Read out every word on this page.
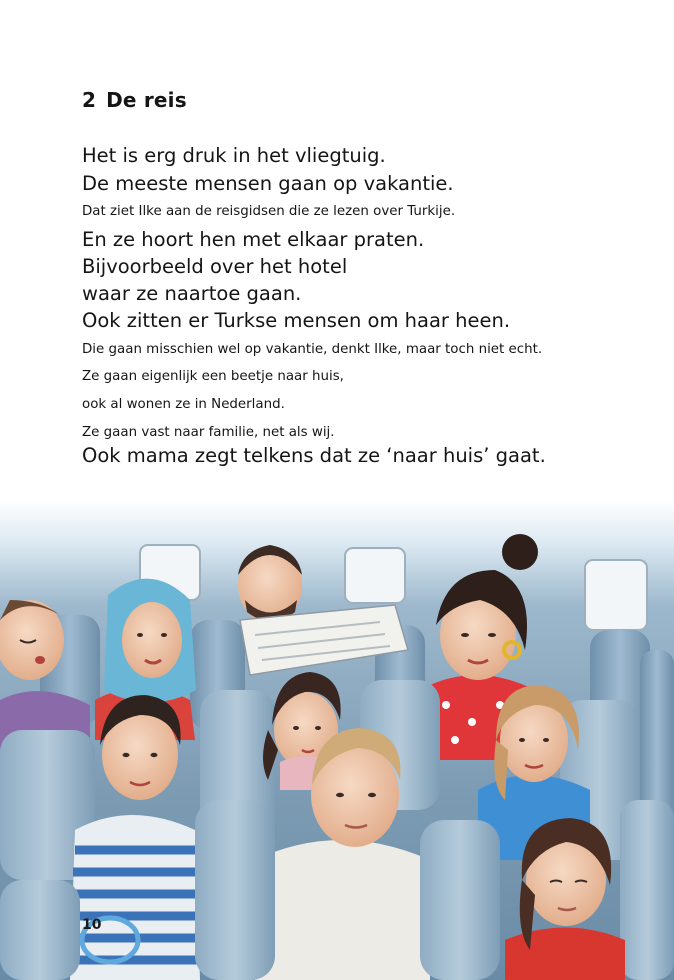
2 De reis

Het is erg druk in het vliegtuig.

De meeste mensen gaan op vakantie.

Dat ziet Ilke aan de reisgidsen die ze lezen over Turkije.

En ze hoort hen met elkaar praten.

Bijvoorbeeld over het hotel

waar ze naartoe gaan.

Ook zitten er Turkse mensen om haar heen.

Die gaan misschien wel op vakantie, denkt Ilke, maar toch niet echt.

Ze gaan eigenlijk een beetje naar huis,

ook al wonen ze in Nederland.

Ze gaan vast naar familie, net als wij.

Ook mama zegt telkens dat ze ‘naar huis’ gaat.

10
